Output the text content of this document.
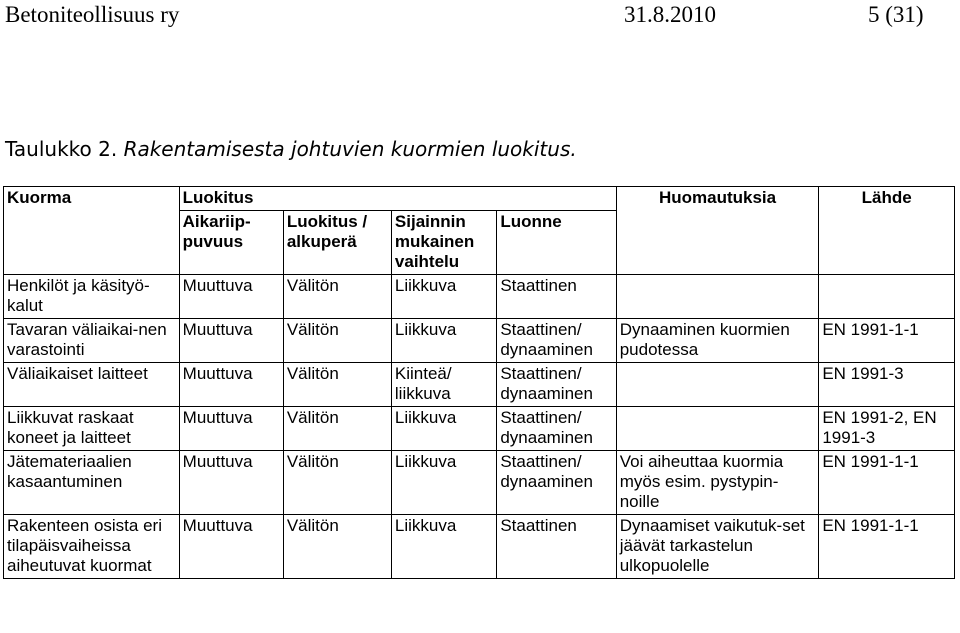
Betoniteollisuus ry	31.8.2010	5 (31)
Taulukko 2. Rakentamisesta johtuvien kuormien luokitus.
Kuorma	Luokitus				Huomautuksia	Lähde
	Aikariip-puvuus	Luokitus / alkuperä	Sijainnin mukainen vaihtelu	Luonne		
Henkilöt ja käsityö-kalut	Muuttuva	Välitön	Liikkuva	Staattinen		
Tavaran väliaikai-nen varastointi	Muuttuva	Välitön	Liikkuva	Staattinen/ dynaaminen	Dynaaminen kuormien pudotessa	EN 1991-1-1
Väliaikaiset laitteet	Muuttuva	Välitön	Kiinteä/ liikkuva	Staattinen/ dynaaminen		EN 1991-3
Liikkuvat raskaat koneet ja laitteet	Muuttuva	Välitön	Liikkuva	Staattinen/ dynaaminen		EN 1991-2, EN 1991-3
Jätemateriaalien kasaantuminen	Muuttuva	Välitön	Liikkuva	Staattinen/ dynaaminen	Voi aiheuttaa kuormia myös esim. pystypin-noille	EN 1991-1-1
Rakenteen osista eri tilapäisvaiheissa aiheutuvat kuormat	Muuttuva	Välitön	Liikkuva	Staattinen	Dynaamiset vaikutuk-set jäävät tarkastelun ulkopuolelle	EN 1991-1-1
